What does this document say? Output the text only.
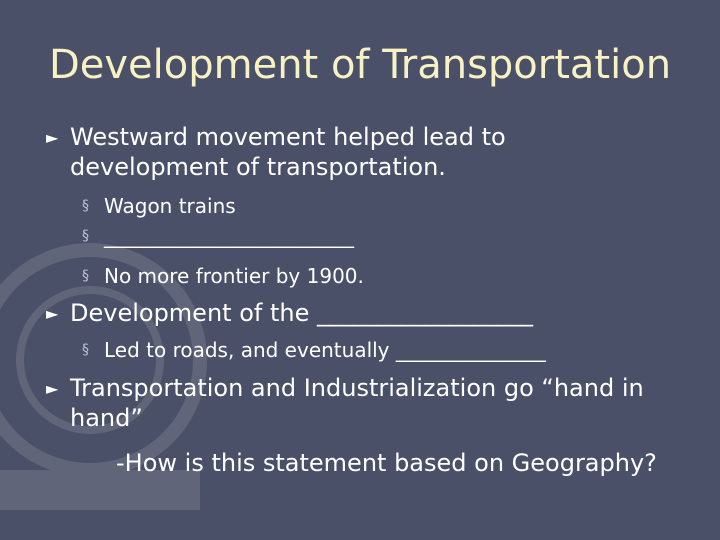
Development of Transportation
► Westward movement helped lead to development of transportation.
§ Wagon trains
§ _________________________
§ No more frontier by 1900.
► Development of the __________________
§ Led to roads, and eventually _______________
► Transportation and Industrialization go “hand in hand”
-How is this statement based on Geography?
